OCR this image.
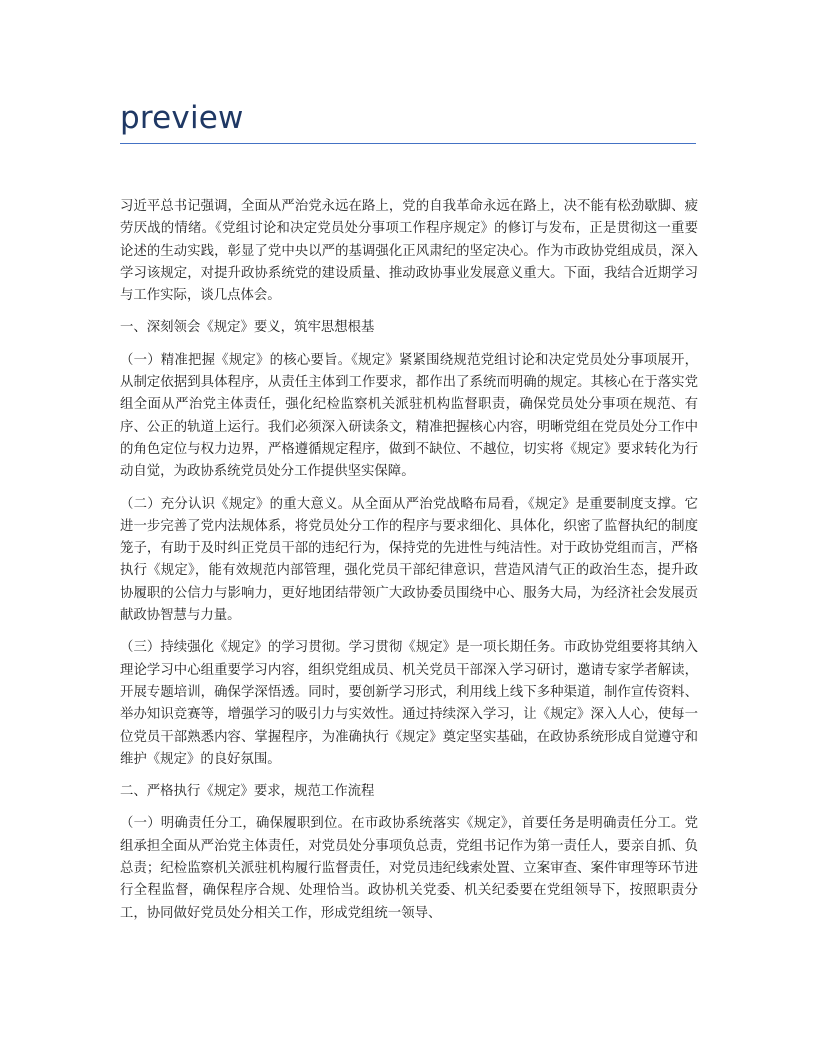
preview

习近平总书记强调，全面从严治党永远在路上，党的自我革命永远在路上，决不能有松劲歇脚、疲劳厌战的情绪。《党组讨论和决定党员处分事项工作程序规定》的修订与发布，正是贯彻这一重要论述的生动实践，彰显了党中央以严的基调强化正风肃纪的坚定决心。作为市政协党组成员，深入学习该规定，对提升政协系统党的建设质量、推动政协事业发展意义重大。下面，我结合近期学习与工作实际，谈几点体会。

一、深刻领会《规定》要义，筑牢思想根基

（一）精准把握《规定》的核心要旨。《规定》紧紧围绕规范党组讨论和决定党员处分事项展开，从制定依据到具体程序，从责任主体到工作要求，都作出了系统而明确的规定。其核心在于落实党组全面从严治党主体责任，强化纪检监察机关派驻机构监督职责，确保党员处分事项在规范、有序、公正的轨道上运行。我们必须深入研读条文，精准把握核心内容，明晰党组在党员处分工作中的角色定位与权力边界，严格遵循规定程序，做到不缺位、不越位，切实将《规定》要求转化为行动自觉，为政协系统党员处分工作提供坚实保障。

（二）充分认识《规定》的重大意义。从全面从严治党战略布局看，《规定》是重要制度支撑。它进一步完善了党内法规体系，将党员处分工作的程序与要求细化、具体化，织密了监督执纪的制度笼子，有助于及时纠正党员干部的违纪行为，保持党的先进性与纯洁性。对于政协党组而言，严格执行《规定》，能有效规范内部管理，强化党员干部纪律意识，营造风清气正的政治生态，提升政协履职的公信力与影响力，更好地团结带领广大政协委员围绕中心、服务大局，为经济社会发展贡献政协智慧与力量。

（三）持续强化《规定》的学习贯彻。学习贯彻《规定》是一项长期任务。市政协党组要将其纳入理论学习中心组重要学习内容，组织党组成员、机关党员干部深入学习研讨，邀请专家学者解读，开展专题培训，确保学深悟透。同时，要创新学习形式，利用线上线下多种渠道，制作宣传资料、举办知识竞赛等，增强学习的吸引力与实效性。通过持续深入学习，让《规定》深入人心，使每一位党员干部熟悉内容、掌握程序，为准确执行《规定》奠定坚实基础，在政协系统形成自觉遵守和维护《规定》的良好氛围。

二、严格执行《规定》要求，规范工作流程

（一）明确责任分工，确保履职到位。在市政协系统落实《规定》，首要任务是明确责任分工。党组承担全面从严治党主体责任，对党员处分事项负总责，党组书记作为第一责任人，要亲自抓、负总责；纪检监察机关派驻机构履行监督责任，对党员违纪线索处置、立案审查、案件审理等环节进行全程监督，确保程序合规、处理恰当。政协机关党委、机关纪委要在党组领导下，按照职责分工，协同做好党员处分相关工作，形成党组统一领导、
